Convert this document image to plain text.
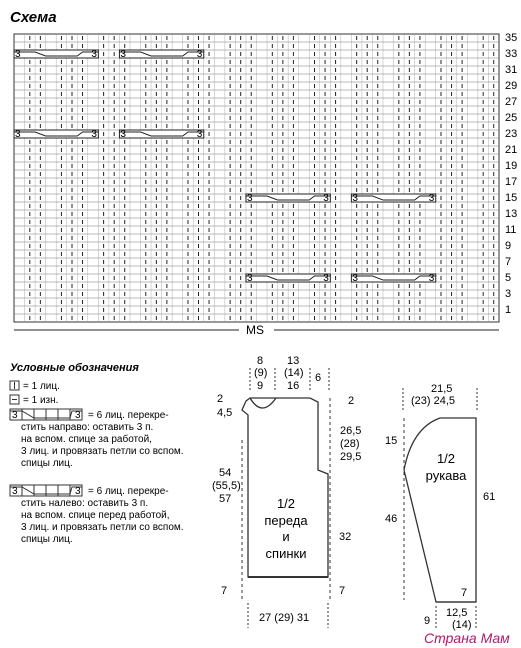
Схема
35
33
31
29
27
25
23
21
19
17
15
13
11
9
7
5
3
1
3	3 3	3
3	3 3	3
3	3 3	3
3	3 3	3
MS
Условные обозначения
= 1 лиц.
= 1 изн.
3	3 = 6 лиц. перекре-
стить направо: оставить 3 п.
на вспом. спице за работой,
3 лиц. и провязать петли со вспом.
спицы лиц.
3	3 = 6 лиц. перекре-
стить налево: оставить 3 п.
на вспом. спице перед работой,
3 лиц. и провязать петли со вспом.
спицы лиц.
8
(9)
9
13
(14)
16
6
2
4,5
2
26,5
(28)
29,5
54
(55,5)
57	1/2
переда
и
спинки
32
7	7
27 (29) 31
21,5
(23) 24,5
15
46
61
1/2
рукава
7
9
12,5
(14)
Страна Мам
